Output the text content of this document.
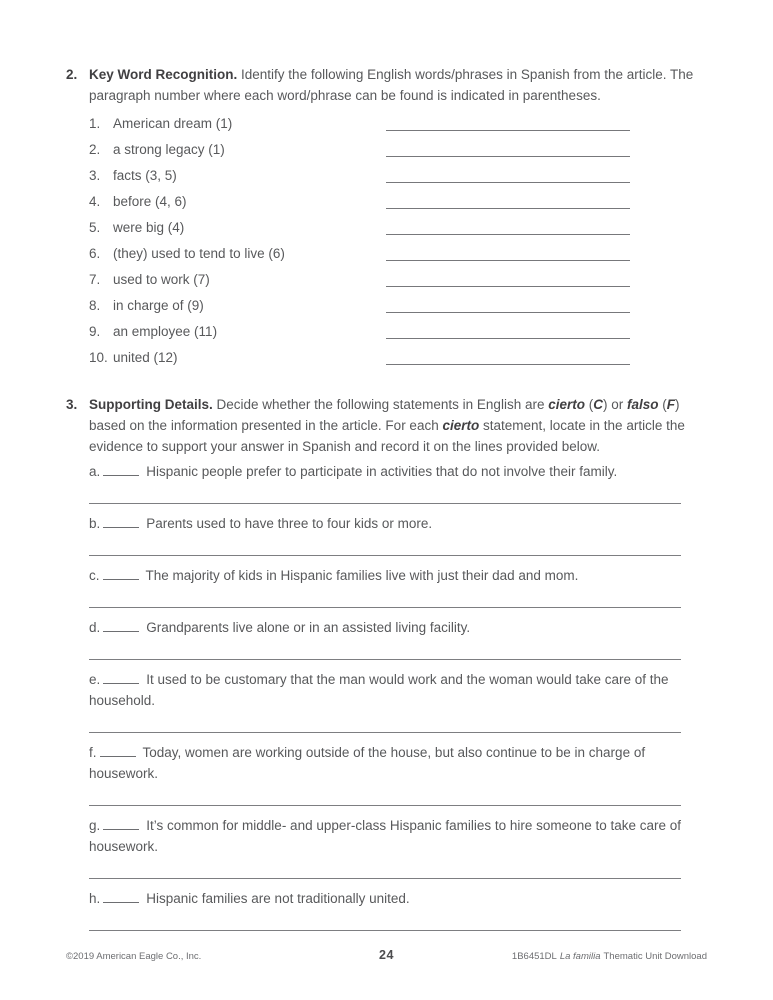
2. Key Word Recognition. Identify the following English words/phrases in Spanish from the article. The paragraph number where each word/phrase can be found is indicated in parentheses.

1. American dream (1)
2. a strong legacy (1)
3. facts (3, 5)
4. before (4, 6)
5. were big (4)
6. (they) used to tend to live (6)
7. used to work (7)
8. in charge of (9)
9. an employee (11)
10. united (12)
3. Supporting Details. Decide whether the following statements in English are cierto (C) or falso (F) based on the information presented in the article. For each cierto statement, locate in the article the evidence to support your answer in Spanish and record it on the lines provided below.

a.	Hispanic people prefer to participate in activities that do not involve their family.

b.	Parents used to have three to four kids or more.

c.	The majority of kids in Hispanic families live with just their dad and mom.

d.	Grandparents live alone or in an assisted living facility.

e.	It used to be customary that the man would work and the woman would take care of the household.

f.	Today, women are working outside of the house, but also continue to be in charge of housework.

g.	It’s common for middle- and upper-class Hispanic families to hire someone to take care of housework.

h.	Hispanic families are not traditionally united.

©2019 American Eagle Co., Inc.	24	1B6451DL La familia Thematic Unit Download
